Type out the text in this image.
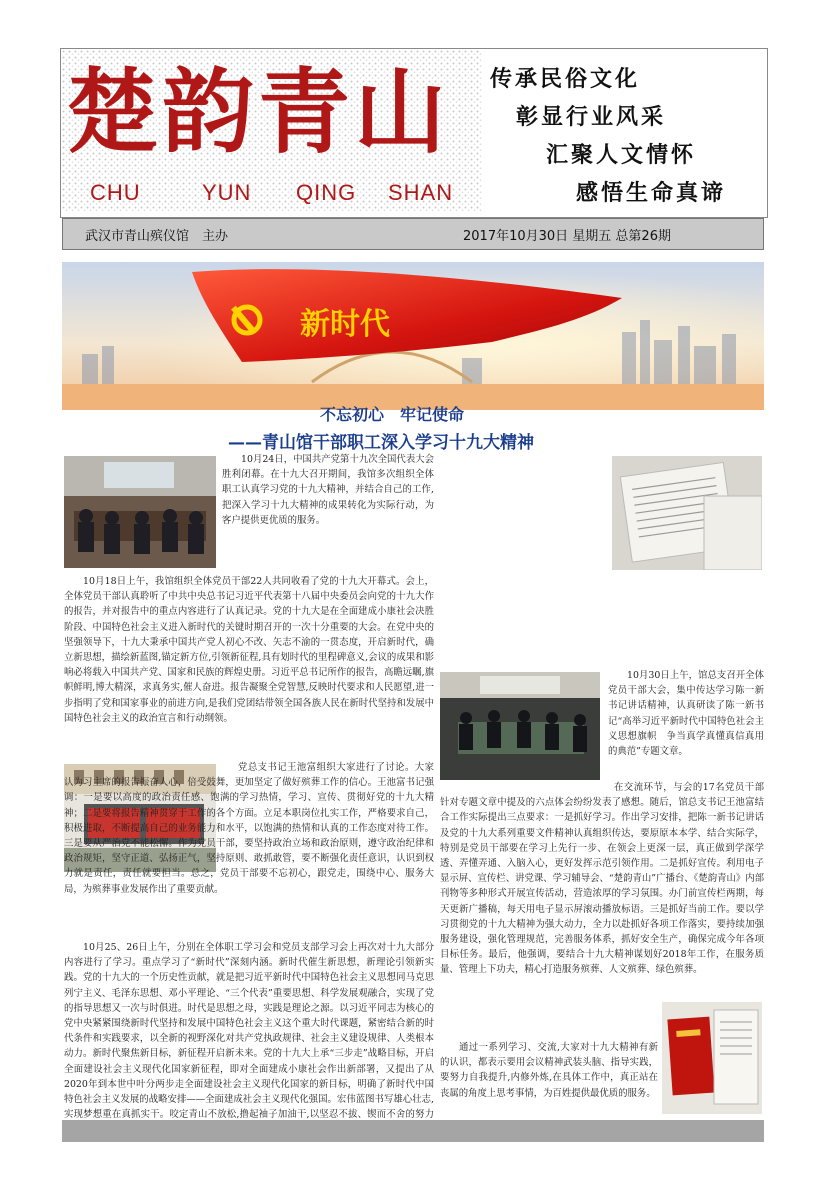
楚韵青山
CHU	YUN QING SHAN
传承民俗文化
彰显行业风采
汇聚人文情怀
感悟生命真谛
武汉市青山殡仪馆　主办	2017年10月30日 星期五 总第26期
新时代
不忘初心　牢记使命
——青山馆干部职工深入学习十九大精神
10月24日，中国共产党第十九次全国代表大会胜利闭幕。在十九大召开期间，我馆多次组织全体职工认真学习党的十九大精神，并结合自己的工作,把深入学习十九大精神的成果转化为实际行动，为客户提供更优质的服务。
10月18日上午，我馆组织全体党员干部22人共同收看了党的十九大开幕式。会上，全体党员干部认真聆听了中共中央总书记习近平代表第十八届中央委员会向党的十九大作的报告，并对报告中的重点内容进行了认真记录。党的十九大是在全面建成小康社会决胜阶段、中国特色社会主义进入新时代的关键时期召开的一次十分重要的大会。在党中央的坚强领导下，十九大秉承中国共产党人初心不改、矢志不渝的一贯态度，开启新时代，确立新思想，描绘新蓝图,锚定新方位,引领新征程,具有划时代的里程碑意义,会议的成果和影响必将载入中国共产党、国家和民族的辉煌史册。习近平总书记所作的报告，高瞻远瞩,旗帜鲜明,博大精深，求真务实,催人奋进。报告凝聚全党智慧,反映时代要求和人民愿望,进一步指明了党和国家事业的前进方向,是我们党团结带领全国各族人民在新时代坚持和发展中国特色社会主义的政治宣言和行动纲领。
党总支书记王池富组织大家进行了讨论。大家认为习主席的报告振奋人心，倍受鼓舞，更加坚定了做好殡葬工作的信心。王池富书记强调：一是要以高度的政治责任感、饱满的学习热情，学习、宣传、贯彻好党的十九大精神；二是要将报告精神贯穿于工作的各个方面。立足本职岗位扎实工作，严格要求自己，积极进取，不断提高自己的业务能力和水平，以饱满的热情和认真的工作态度对待工作。三是要从严治党不能松懈。作为党员干部，要坚持政治立场和政治原则，遵守政治纪律和政治规矩，坚守正道、弘扬正气，坚持原则、敢抓敢管，要不断强化责任意识，认识到权力就是责任，责任就要担当。总之，党员干部要不忘初心，跟党走，围绕中心、服务大局，为殡葬事业发展作出了重要贡献。
10月25、26日上午，分别在全体职工学习会和党员支部学习会上再次对十九大部分内容进行了学习。重点学习了“新时代”深刻内涵。新时代催生新思想，新理论引领新实践。党的十九大的一个历史性贡献，就是把习近平新时代中国特色社会主义思想同马克思列宁主义、毛泽东思想、邓小平理论、“三个代表”重要思想、科学发展观融合，实现了党的指导思想又一次与时俱进。时代是思想之母，实践是理论之源。以习近平同志为核心的党中央紧紧围绕新时代坚持和发展中国特色社会主义这个重大时代课题，紧密结合新的时代条件和实践要求，以全新的视野深化对共产党执政规律、社会主义建设规律、人类根本动力。新时代聚焦新目标，新征程开启新未来。党的十九大上承“三步走”战略目标，开启全面建设社会主义现代化国家新征程，即对全面建成小康社会作出新部署，又提出了从2020年到本世中叶分两步走全面建设社会主义现代化国家的新目标，明确了新时代中国特色社会主义发展的战略安排——全面建成社会主义现代化强国。宏伟蓝图书写雄心壮志,实现梦想重在真抓实干。咬定青山不放松,撸起袖子加油干,以坚忍不拔、锲而不舍的努力
10月30日上午，馆总支召开全体党员干部大会，集中传达学习陈一新书记讲话精神，认真研读了陈一新书记“高举习近平新时代中国特色社会主义思想旗帜　争当真学真懂真信真用的典范”专题文章。
在交流环节，与会的17名党员干部针对专题文章中提及的六点体会纷纷发表了感想。随后，馆总支书记王池富结合工作实际提出三点要求：一是抓好学习。作出学习安排，把陈一新书记讲话及党的十九大系列重要文件精神认真组织传达，要原原本本学、结合实际学，特别是党员干部要在学习上先行一步、在领会上更深一层，真正做到学深学透、弄懂弄通、入脑入心，更好发挥示范引领作用。二是抓好宣传。利用电子显示屏、宣传栏、讲党课、学习辅导会、“楚韵青山”广播台、《楚韵青山》内部刊物等多种形式开展宣传活动，营造浓厚的学习氛围。办门前宣传栏两期，每天更新广播稿，每天用电子显示屏滚动播放标语。三是抓好当前工作。要以学习贯彻党的十九大精神为强大动力，全力以赴抓好各项工作落实，要持续加强服务建设，强化管理规范，完善服务体系，抓好安全生产，确保完成今年各项目标任务。最后，他强调，要结合十九大精神谋划好2018年工作，在服务质量、管理上下功夫，精心打造服务殡葬、人文殡葬、绿色殡葬。
通过一系列学习、交流,大家对十九大精神有新的认识，都表示要用会议精神武装头脑、指导实践，要努力自我提升,内修外炼,在具体工作中，真正站在丧属的角度上思考事情，为百姓提供最优质的服务。
